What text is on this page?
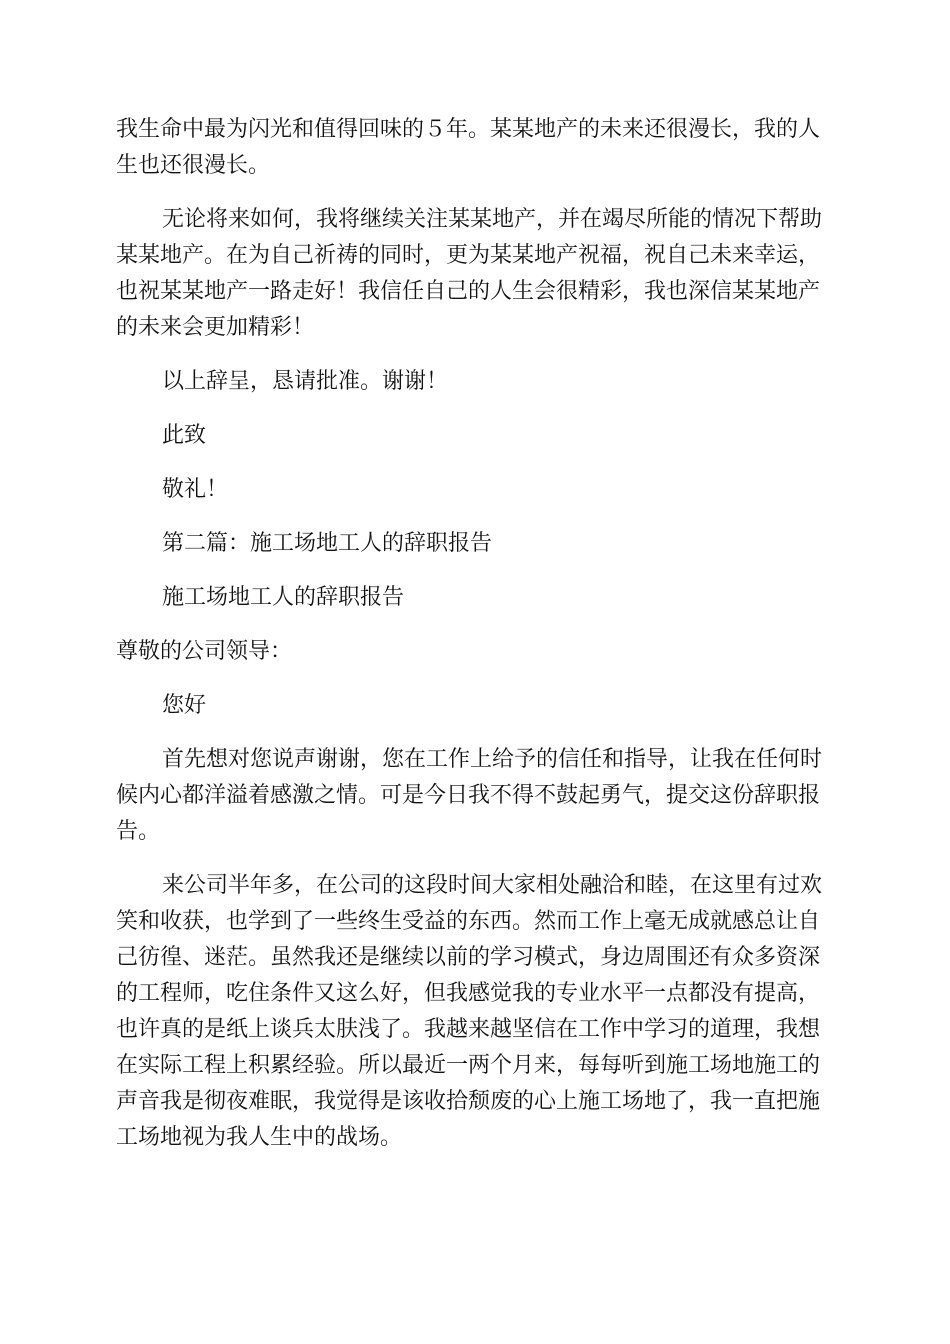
我生命中最为闪光和值得回味的５年。某某地产的未来还很漫长，我的人生也还很漫长。

无论将来如何，我将继续关注某某地产，并在竭尽所能的情况下帮助某某地产。在为自己祈祷的同时，更为某某地产祝福，祝自己未来幸运，也祝某某地产一路走好！我信任自己的人生会很精彩，我也深信某某地产的未来会更加精彩！

以上辞呈，恳请批准。谢谢！

此致

敬礼！

第二篇：施工场地工人的辞职报告

施工场地工人的辞职报告

尊敬的公司领导：

您好

首先想对您说声谢谢，您在工作上给予的信任和指导，让我在任何时候内心都洋溢着感激之情。可是今日我不得不鼓起勇气，提交这份辞职报告。

来公司半年多，在公司的这段时间大家相处融洽和睦，在这里有过欢笑和收获，也学到了一些终生受益的东西。然而工作上毫无成就感总让自己彷徨、迷茫。虽然我还是继续以前的学习模式，身边周围还有众多资深的工程师，吃住条件又这么好，但我感觉我的专业水平一点都没有提高，也许真的是纸上谈兵太肤浅了。我越来越坚信在工作中学习的道理，我想在实际工程上积累经验。所以最近一两个月来，每每听到施工场地施工的声音我是彻夜难眠，我觉得是该收拾颓废的心上施工场地了，我一直把施工场地视为我人生中的战场。
